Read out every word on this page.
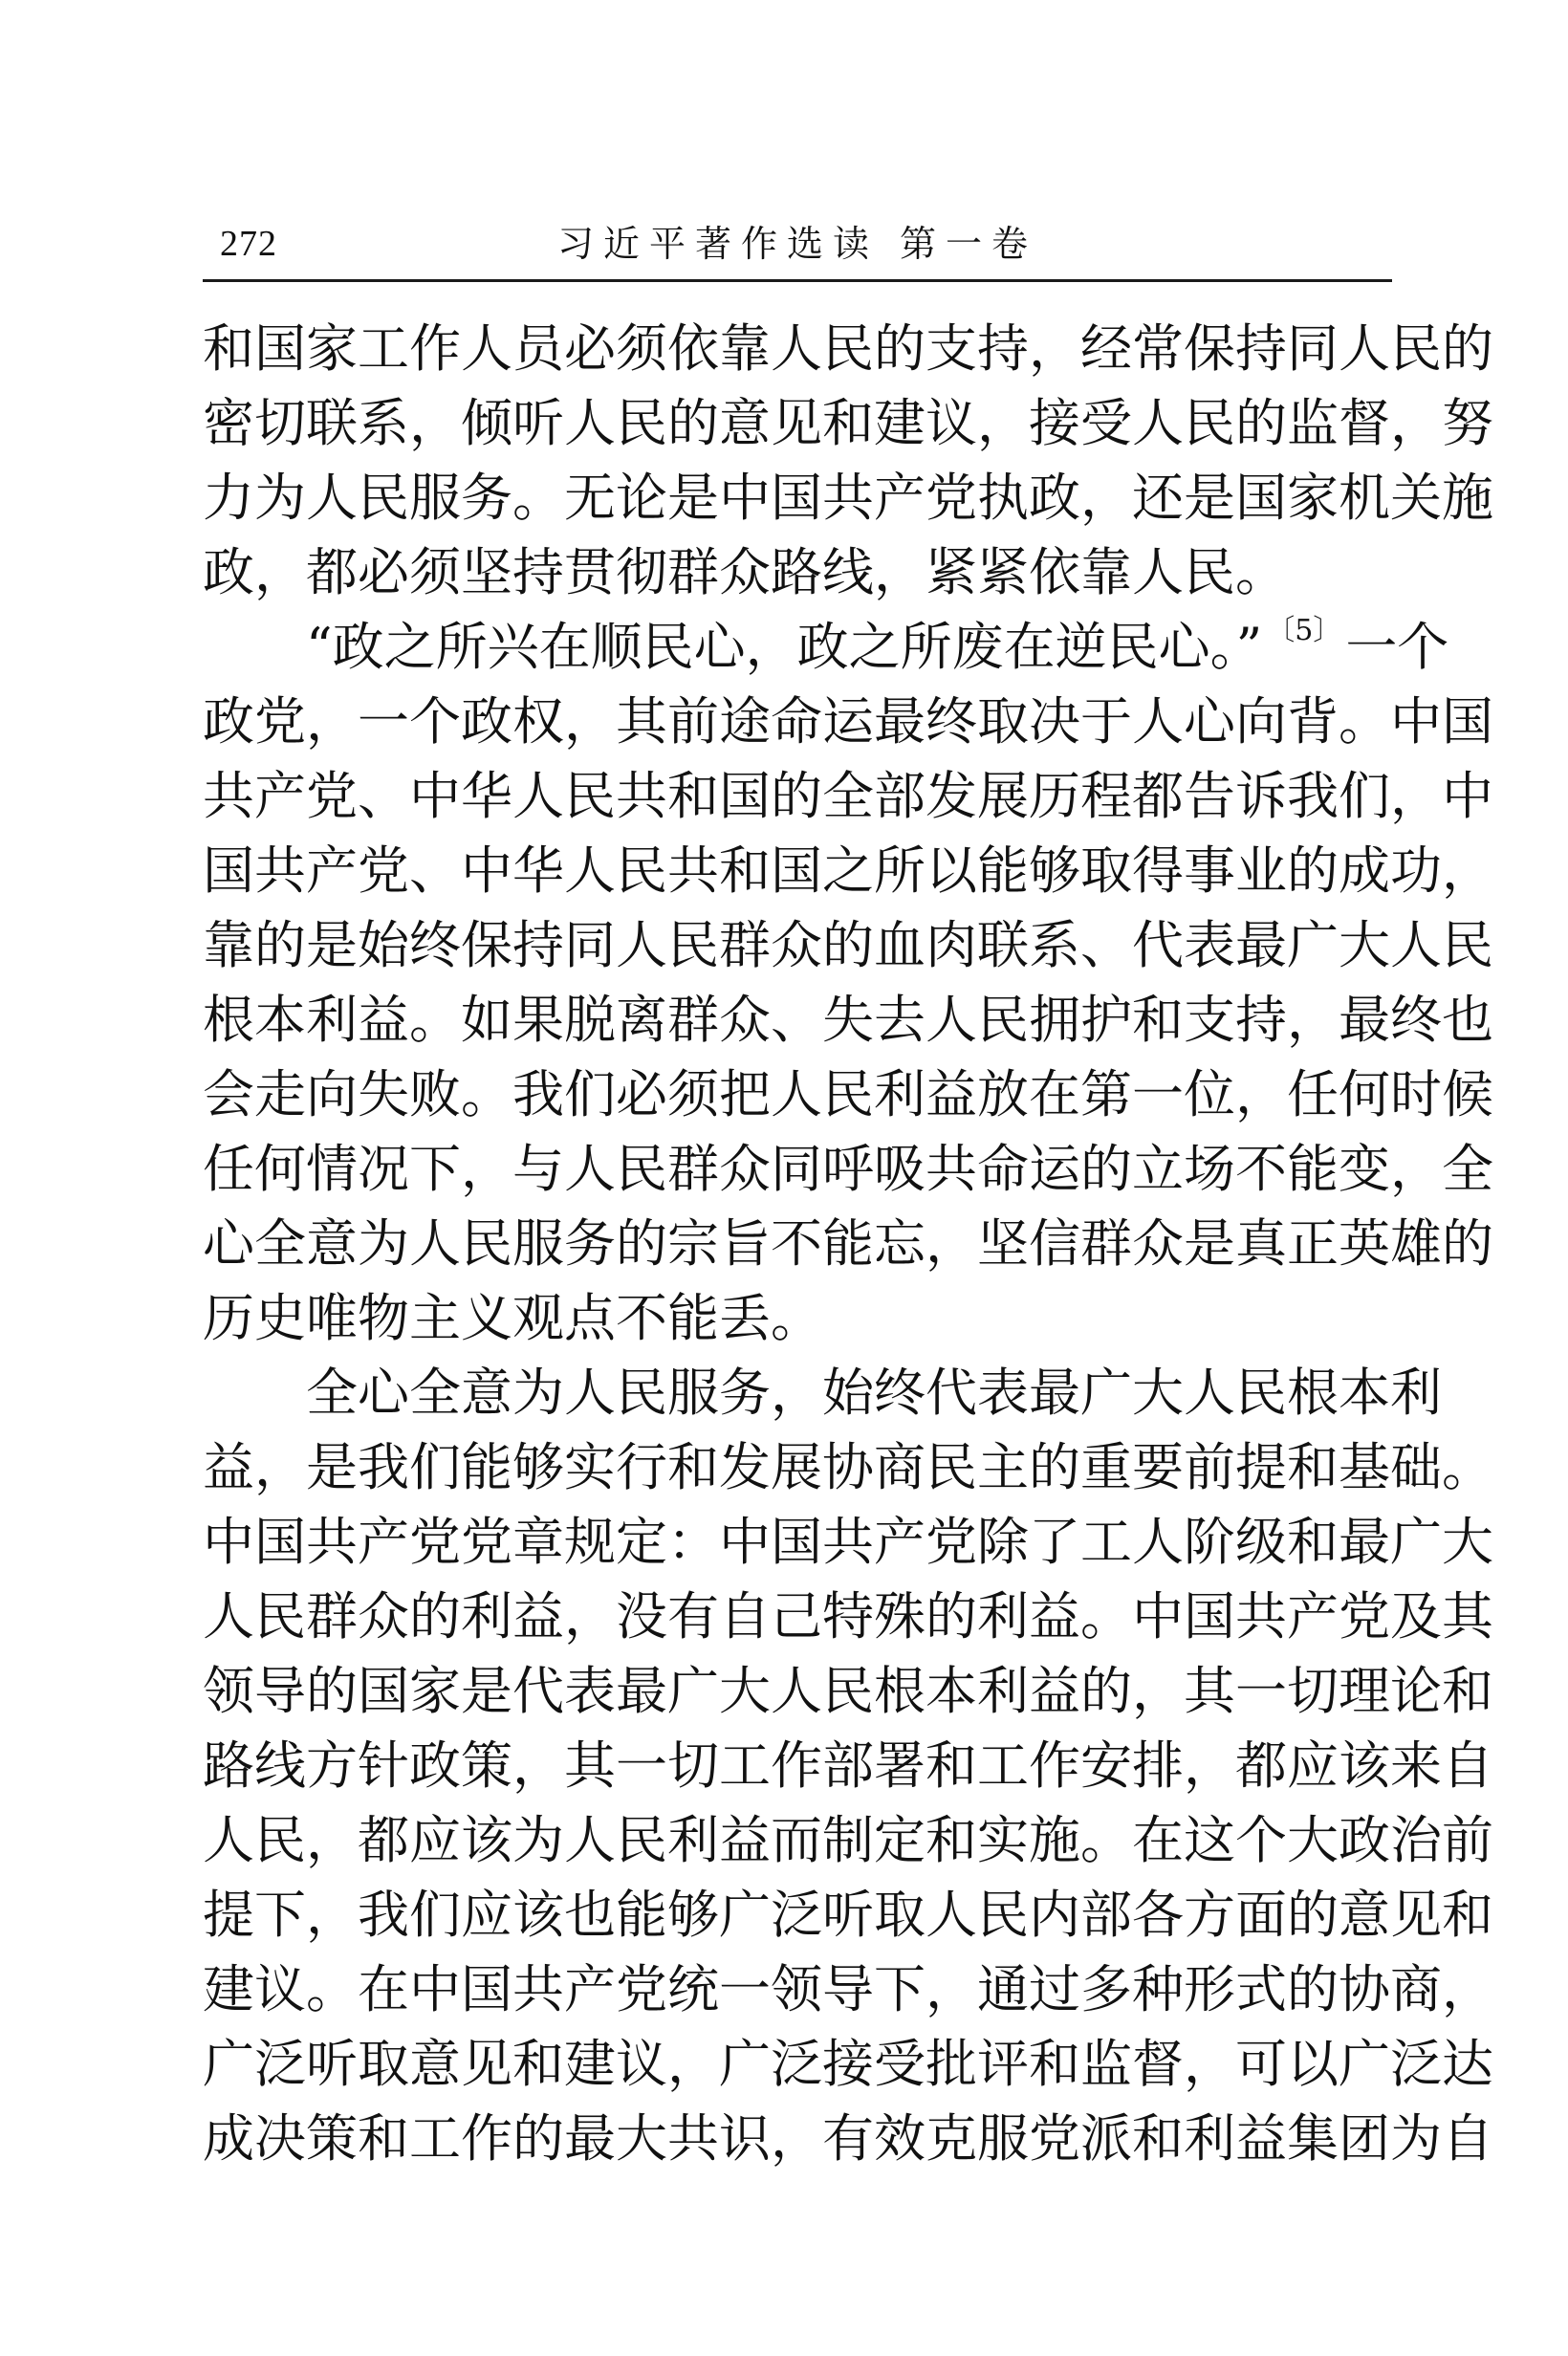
272	习近平著作选读 第一卷
和国家工作人员必须依靠人民的支持，经常保持同人民的
密切联系，倾听人民的意见和建议，接受人民的监督，努
力为人民服务。无论是中国共产党执政，还是国家机关施
政，都必须坚持贯彻群众路线，紧紧依靠人民。
“政之所兴在顺民心，政之所废在逆民心。” 〔5〕一个
政党，一个政权，其前途命运最终取决于人心向背。中国
共产党、中华人民共和国的全部发展历程都告诉我们，中
国共产党、中华人民共和国之所以能够取得事业的成功，
靠的是始终保持同人民群众的血肉联系、代表最广大人民
根本利益。如果脱离群众、失去人民拥护和支持，最终也
会走向失败。我们必须把人民利益放在第一位，任何时候
任何情况下，与人民群众同呼吸共命运的立场不能变，全
心全意为人民服务的宗旨不能忘，坚信群众是真正英雄的
历史唯物主义观点不能丢。
全心全意为人民服务，始终代表最广大人民根本利
益，是我们能够实行和发展协商民主的重要前提和基础。
中国共产党党章规定：中国共产党除了工人阶级和最广大
人民群众的利益，没有自己特殊的利益。中国共产党及其
领导的国家是代表最广大人民根本利益的，其一切理论和
路线方针政策，其一切工作部署和工作安排，都应该来自
人民，都应该为人民利益而制定和实施。在这个大政治前
提下，我们应该也能够广泛听取人民内部各方面的意见和
建议。在中国共产党统一领导下，通过多种形式的协商，
广泛听取意见和建议，广泛接受批评和监督，可以广泛达
成决策和工作的最大共识，有效克服党派和利益集团为自
